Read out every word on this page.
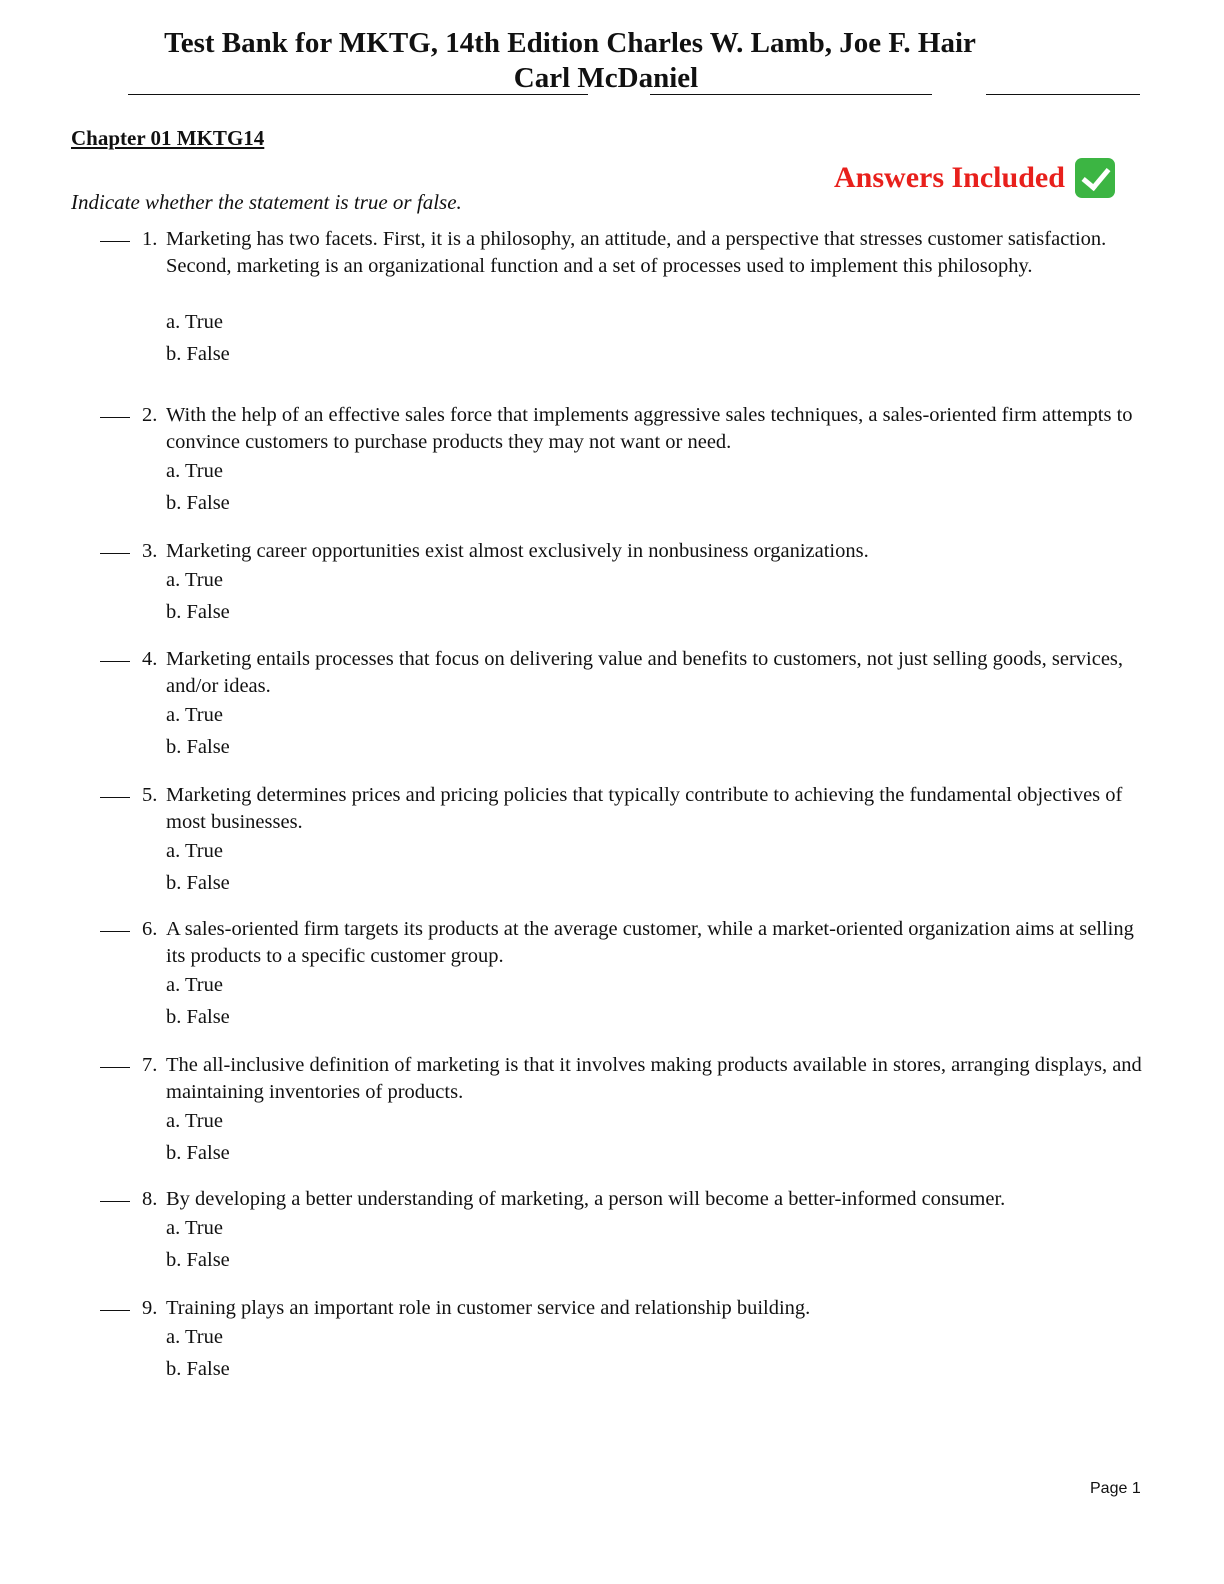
Test Bank for MKTG, 14th Edition Charles W. Lamb, Joe F. Hair
Carl McDaniel
Chapter 01 MKTG14
Answers Included
Indicate whether the statement is true or false.
1. Marketing has two facets. First, it is a philosophy, an attitude, and a perspective that stresses customer satisfaction. Second, marketing is an organizational function and a set of processes used to implement this philosophy.
a. True
b. False
2. With the help of an effective sales force that implements aggressive sales techniques, a sales-oriented firm attempts to convince customers to purchase products they may not want or need.
a. True
b. False
3. Marketing career opportunities exist almost exclusively in nonbusiness organizations.
a. True
b. False
4. Marketing entails processes that focus on delivering value and benefits to customers, not just selling goods, services, and/or ideas.
a. True
b. False
5. Marketing determines prices and pricing policies that typically contribute to achieving the fundamental objectives of most businesses.
a. True
b. False
6. A sales-oriented firm targets its products at the average customer, while a market-oriented organization aims at selling its products to a specific customer group.
a. True
b. False
7. The all-inclusive definition of marketing is that it involves making products available in stores, arranging displays, and maintaining inventories of products.
a. True
b. False
8. By developing a better understanding of marketing, a person will become a better-informed consumer.
a. True
b. False
9. Training plays an important role in customer service and relationship building.
a. True
b. False
Page 1
